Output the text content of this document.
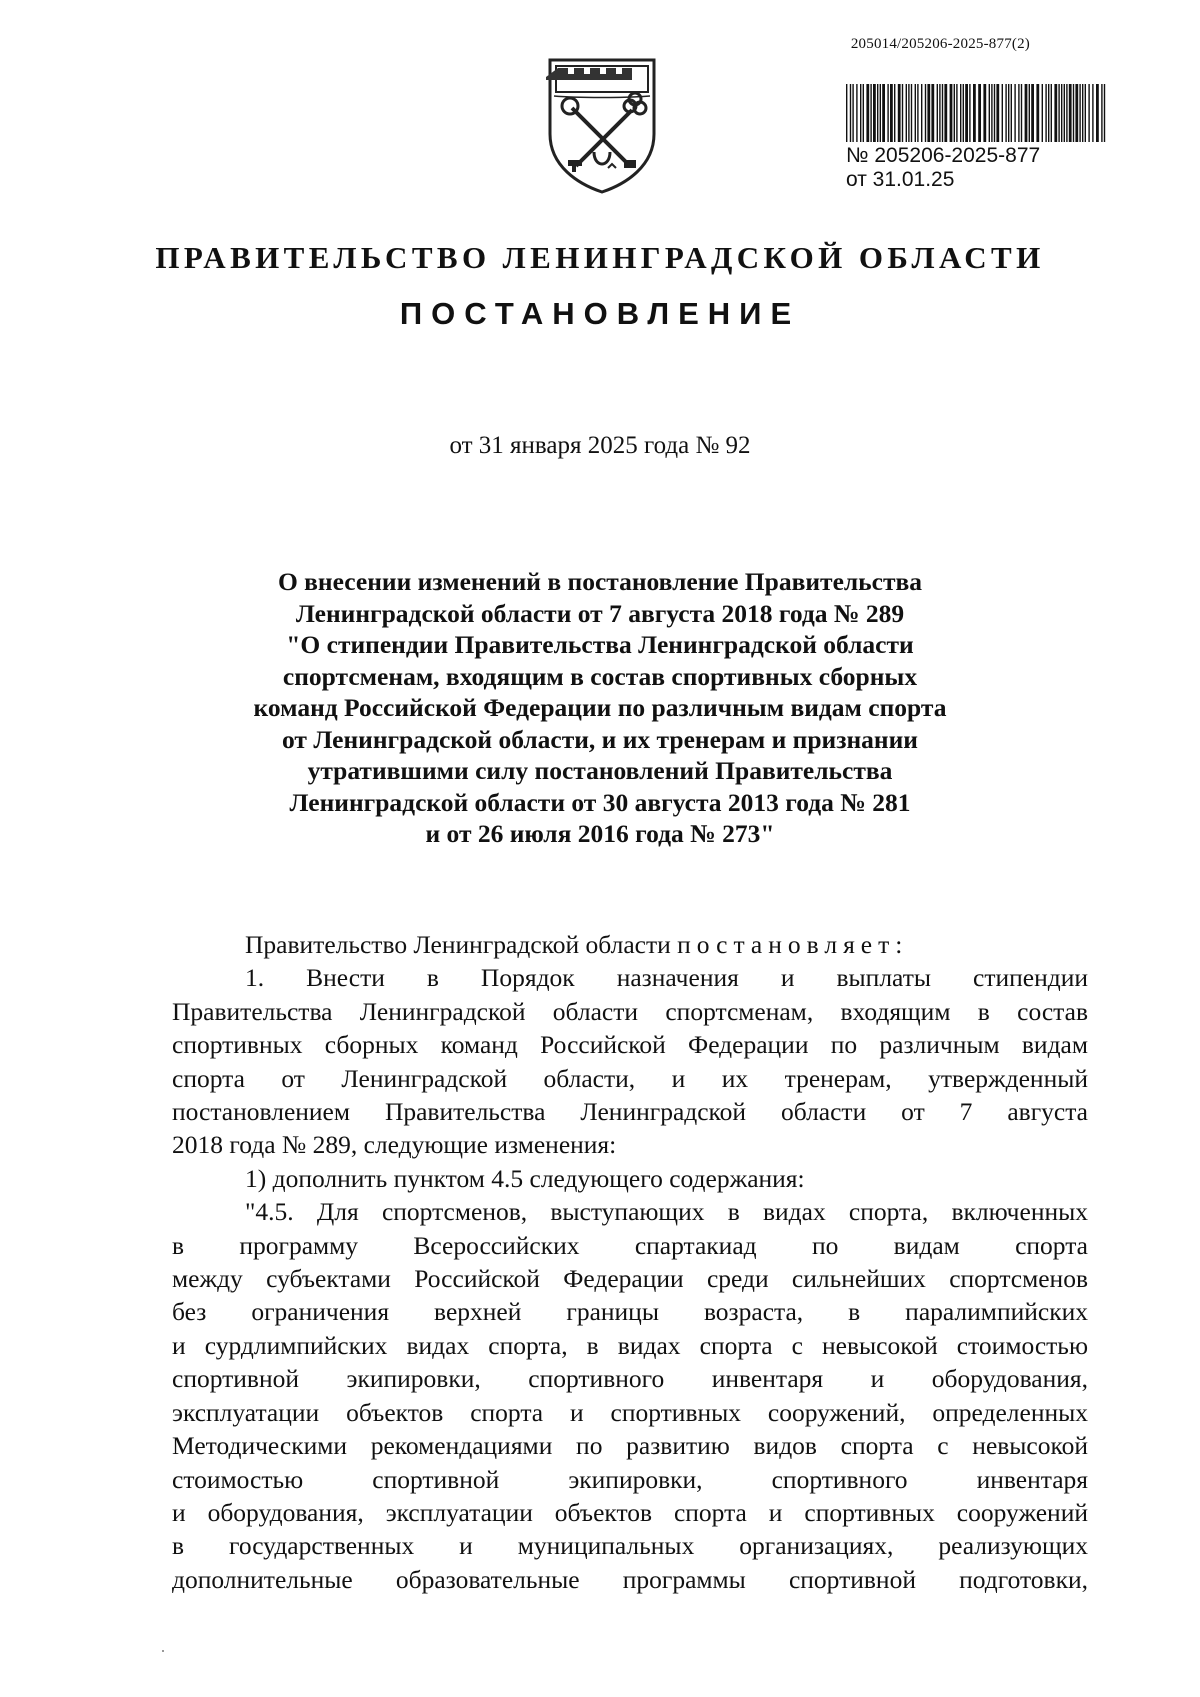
205014/205206-2025-877(2)
№ 205206-2025-877
от 31.01.25
ПРАВИТЕЛЬСТВО ЛЕНИНГРАДСКОЙ ОБЛАСТИ
ПОСТАНОВЛЕНИЕ
от 31 января 2025 года № 92
О внесении изменений в постановление Правительства
Ленинградской области от 7 августа 2018 года № 289
"О стипендии Правительства Ленинградской области
спортсменам, входящим в состав спортивных сборных
команд Российской Федерации по различным видам спорта
от Ленинградской области, и их тренерам и признании
утратившими силу постановлений Правительства
Ленинградской области от 30 августа 2013 года № 281
и от 26 июля 2016 года № 273"
Правительство Ленинградской области постановляет:
1. Внести в Порядок назначения и выплаты стипендии
Правительства Ленинградской области спортсменам, входящим в состав
спортивных сборных команд Российской Федерации по различным видам
спорта от Ленинградской области, и их тренерам, утвержденный
постановлением Правительства Ленинградской области от 7 августа
2018 года № 289, следующие изменения:
1) дополнить пунктом 4.5 следующего содержания:
"4.5. Для спортсменов, выступающих в видах спорта, включенных
в программу Всероссийских спартакиад по видам спорта
между субъектами Российской Федерации среди сильнейших спортсменов
без ограничения верхней границы возраста, в паралимпийских
и сурдлимпийских видах спорта, в видах спорта с невысокой стоимостью
спортивной экипировки, спортивного инвентаря и оборудования,
эксплуатации объектов спорта и спортивных сооружений, определенных
Методическими рекомендациями по развитию видов спорта с невысокой
стоимостью спортивной экипировки, спортивного инвентаря
и оборудования, эксплуатации объектов спорта и спортивных сооружений
в государственных и муниципальных организациях, реализующих
дополнительные образовательные программы спортивной подготовки,
